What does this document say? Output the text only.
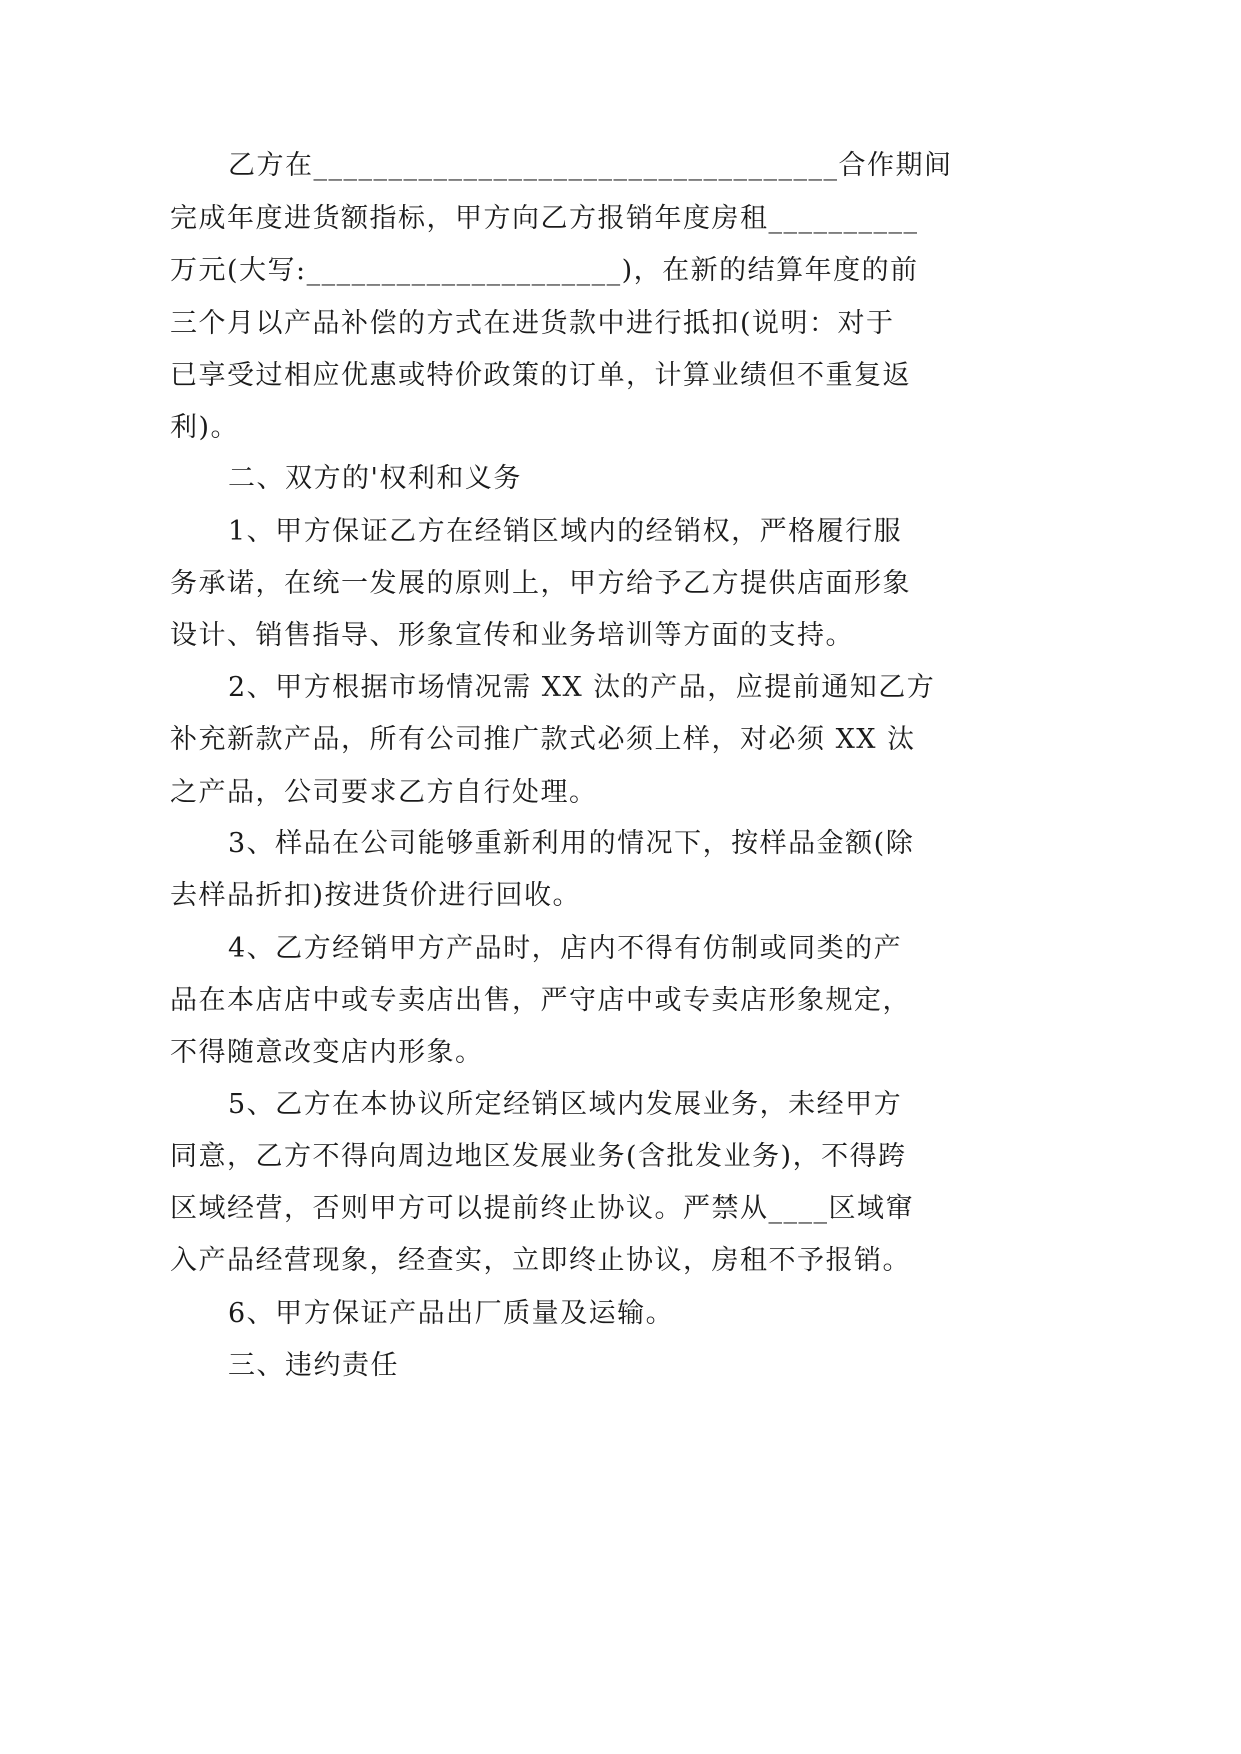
乙方在___________________________________合作期间
完成年度进货额指标，甲方向乙方报销年度房租__________
万元(大写:_____________________)，在新的结算年度的前
三个月以产品补偿的方式在进货款中进行抵扣(说明：对于
已享受过相应优惠或特价政策的订单，计算业绩但不重复返
利)。
二、双方的'权利和义务
1、甲方保证乙方在经销区域内的经销权，严格履行服
务承诺，在统一发展的原则上，甲方给予乙方提供店面形象
设计、销售指导、形象宣传和业务培训等方面的支持。
2、甲方根据市场情况需 XX 汰的产品，应提前通知乙方
补充新款产品，所有公司推广款式必须上样，对必须 XX 汰
之产品，公司要求乙方自行处理。
3、样品在公司能够重新利用的情况下，按样品金额(除
去样品折扣)按进货价进行回收。
4、乙方经销甲方产品时，店内不得有仿制或同类的产
品在本店店中或专卖店出售，严守店中或专卖店形象规定，
不得随意改变店内形象。
5、乙方在本协议所定经销区域内发展业务，未经甲方
同意，乙方不得向周边地区发展业务(含批发业务)，不得跨
区域经营，否则甲方可以提前终止协议。严禁从____区域窜
入产品经营现象，经查实，立即终止协议，房租不予报销。
6、甲方保证产品出厂质量及运输。
三、违约责任
